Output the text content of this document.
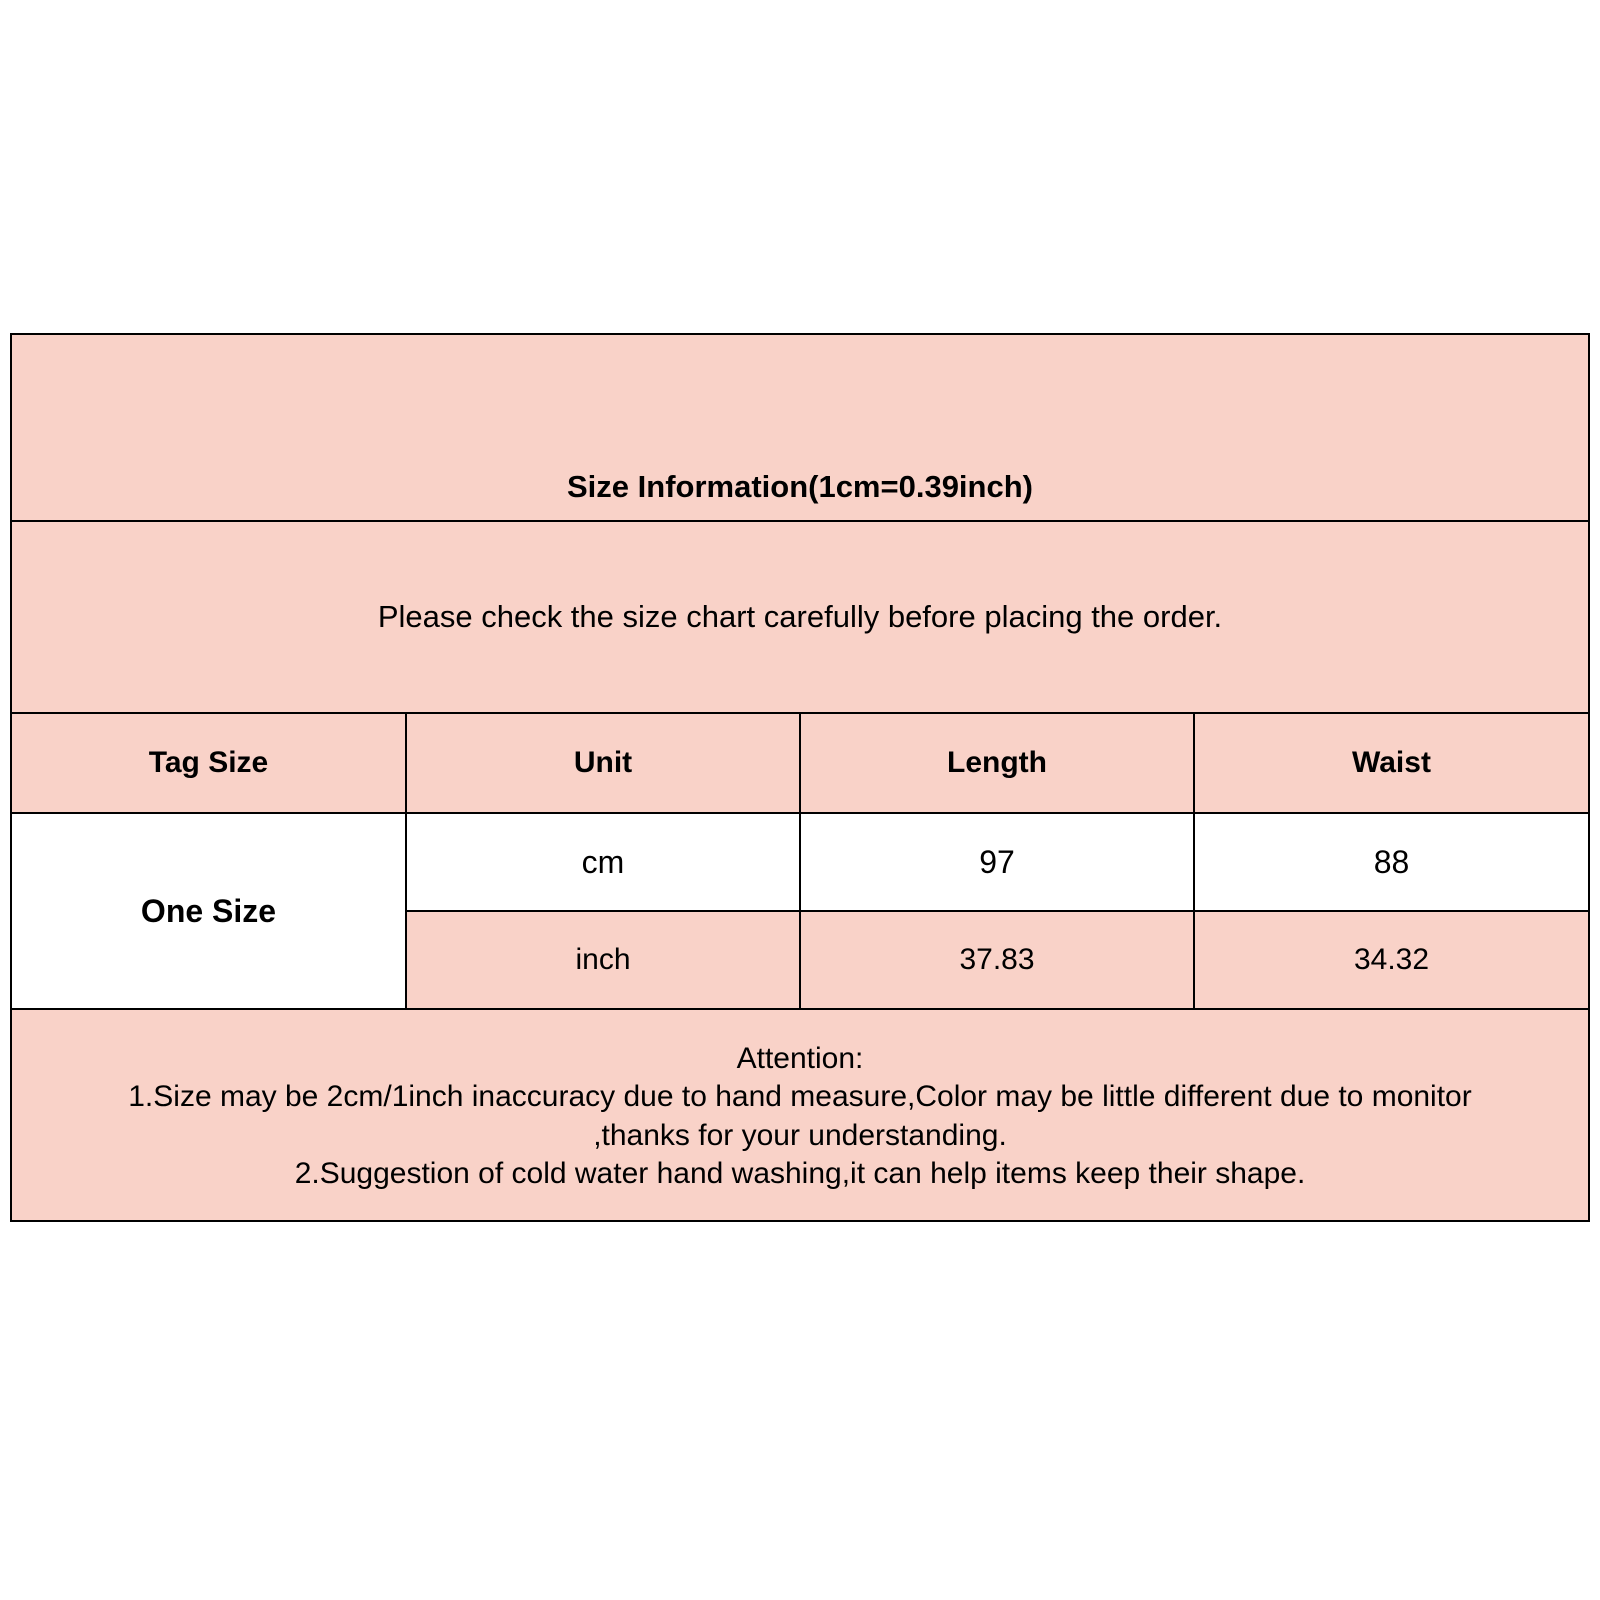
Size Information(1cm=0.39inch)			
Please check the size chart carefully before placing the order.			
Tag Size	Unit	Length	Waist
One Size	cm	97	88
	inch	37.83	34.32

Attention:
1.Size may be 2cm/1inch inaccuracy due to hand measure,Color may be little different due to monitor
,thanks for your understanding.
2.Suggestion of cold water hand washing,it can help items keep their shape.			
